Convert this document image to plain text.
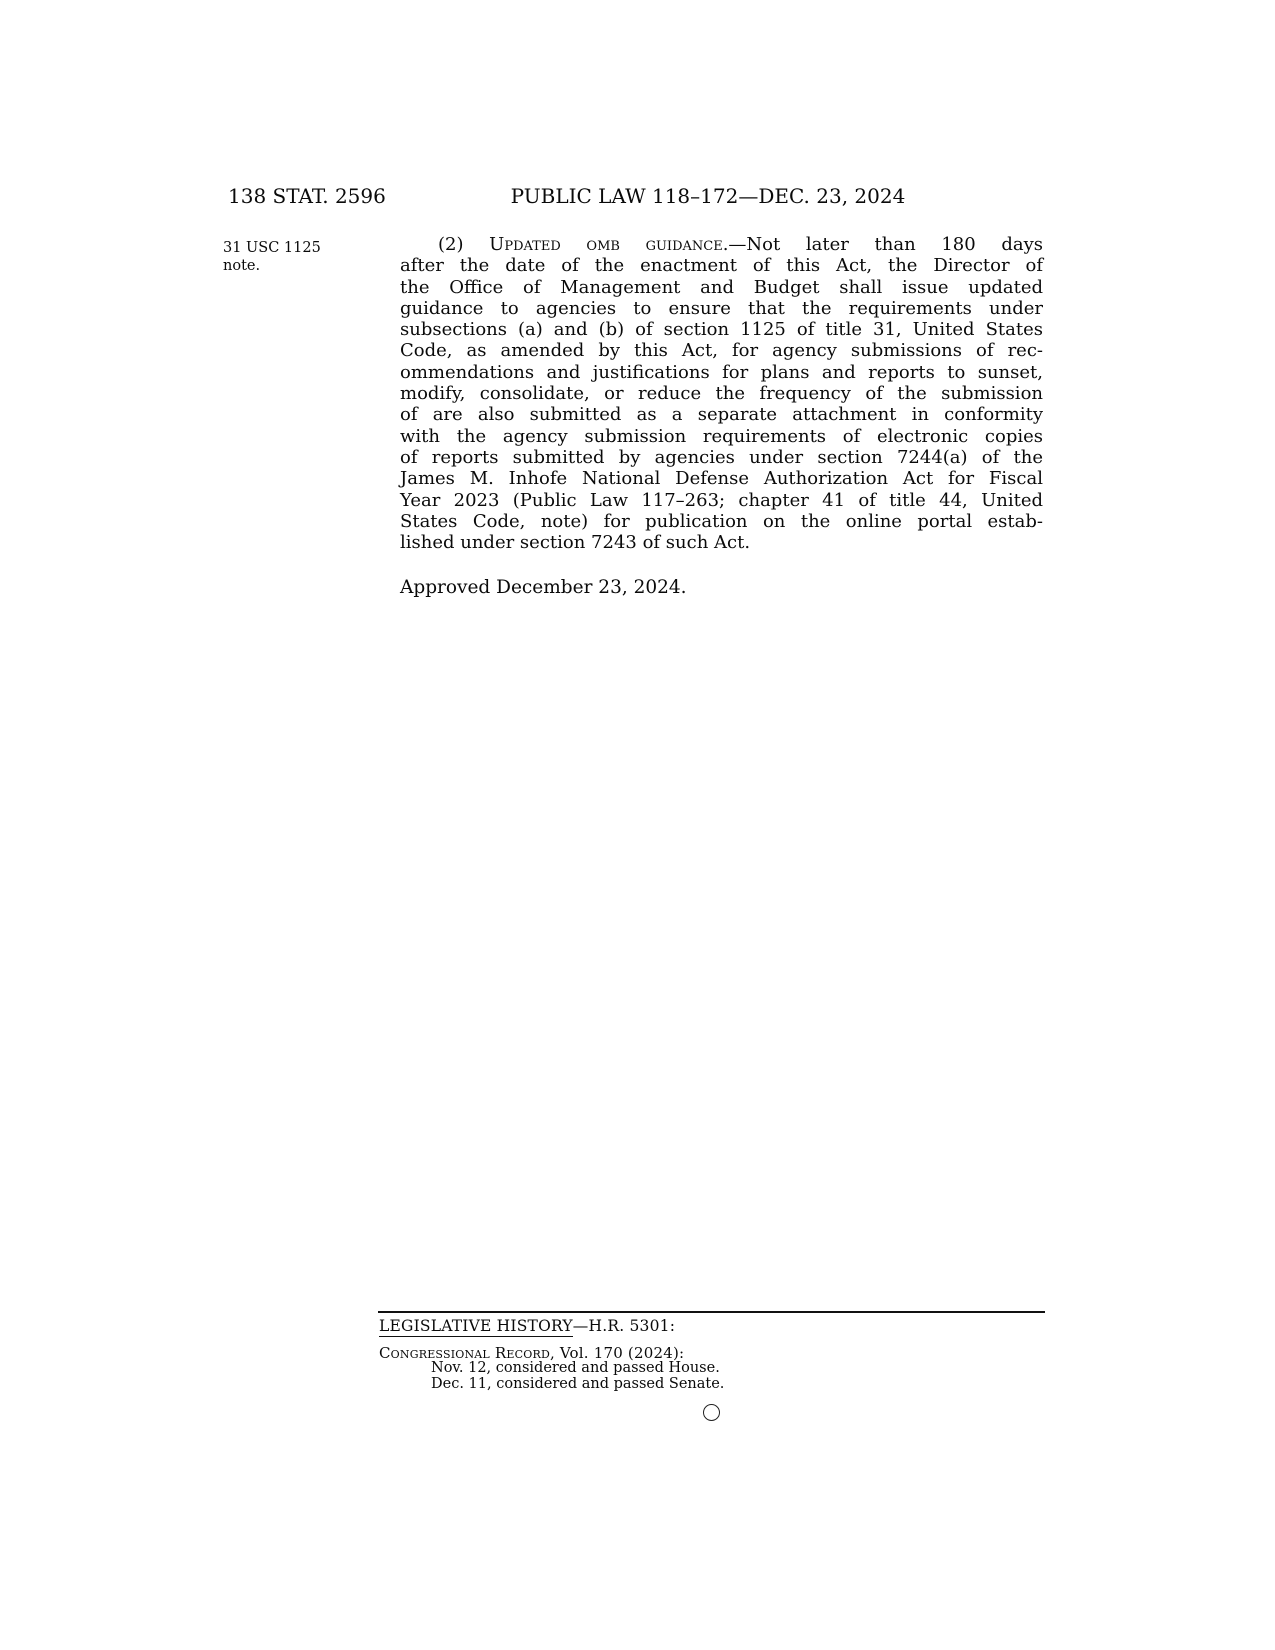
138 STAT. 2596	PUBLIC LAW 118–172—DEC. 23, 2024
31 USC 1125
note.
(2) Updated omb guidance.—Not later than 180 days
after the date of the enactment of this Act, the Director of
the Office of Management and Budget shall issue updated
guidance to agencies to ensure that the requirements under
subsections (a) and (b) of section 1125 of title 31, United States
Code, as amended by this Act, for agency submissions of rec-
ommendations and justifications for plans and reports to sunset,
modify, consolidate, or reduce the frequency of the submission
of are also submitted as a separate attachment in conformity
with the agency submission requirements of electronic copies
of reports submitted by agencies under section 7244(a) of the
James M. Inhofe National Defense Authorization Act for Fiscal
Year 2023 (Public Law 117–263; chapter 41 of title 44, United
States Code, note) for publication on the online portal estab-
lished under section 7243 of such Act.
Approved December 23, 2024.
LEGISLATIVE HISTORY—H.R. 5301:
Congressional Record, Vol. 170 (2024):
Nov. 12, considered and passed House.
Dec. 11, considered and passed Senate.
